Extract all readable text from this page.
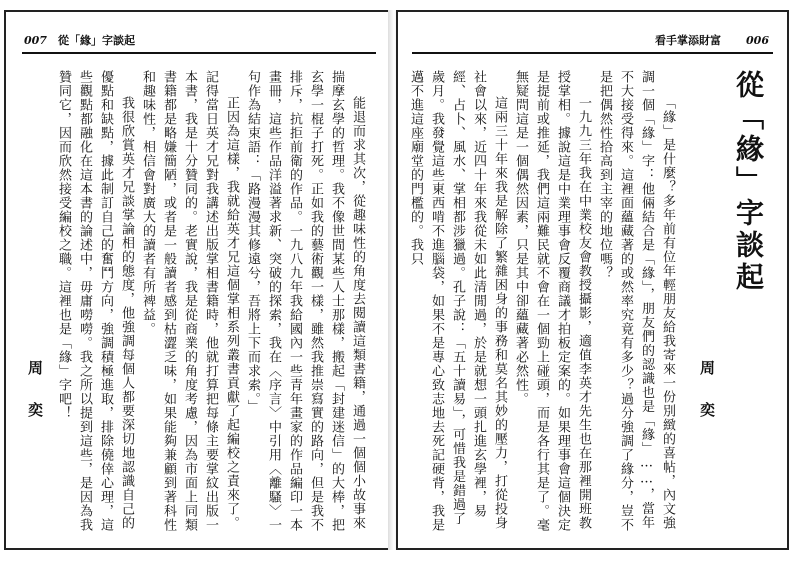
007 從「緣」字談起

能退而求其次，從趣味性的角度去閱讀這類書籍，通過一個個小故事來揣摩玄學的哲理。我不像世間某些人士那樣，搬起「封建迷信」的大棒，把玄學一棍子打死。正如我的藝術觀一樣，雖然我推崇寫實的路向，但是我不排斥，抗拒前衛的作品。一九八九年我給國內一些青年畫家的作品編印一本畫冊，這些作品洋溢著求新、突破的探索，我在〈序言〉中引用〈離騷〉一句作為結束語：「路漫漫其修遠兮，吾將上下而求索。」

正因為這樣，我就給英才兄這個掌相系列叢書貢獻了起編校之責來了。記得當日英才兄對我講述出版掌相書籍時，他就打算把每條主要掌紋出版一本書，我是十分贊同的。老實說，我是從商業的角度考慮，因為市面上同類書籍都是略嫌簡陋，或者是一般讀者感到枯澀乏味，如果能夠兼顧到著科性和趣味性，相信會對廣大的讀者有所裨益。

我很欣賞英才兄談掌論相的態度，他強調每個人都要深切地認識自己的優點和缺點，據此制訂自己的奮鬥方向，強調積極進取，排除僥倖心理，這些觀點都融化在這本書的論述中，毋庸嘮嘮。我之所以提到這些，是因為我贊同它，因而欣然接受編校之職。這裡也是「緣」字吧！

周　奕
看手掌添財富 006
從「緣」字談起
周　奕

「緣」是什麼？多年前有位年輕朋友給我寄來一份別緻的喜帖，內文強調一個「緣」字：他倆結合是「緣」，朋友們的認識也是「緣」……，當年不大接受得來。這裡面蘊藏著的或然率究竟有多少？過分強調了緣分，豈不是把偶然性拾高到主宰的地位嗎？

一九九三年我在中業校友會教授攝影，適值李英才先生也在那裡開班教授掌相。據說這是中業理事會反覆商議才拍板定案的。如果理事會這個決定是提前或推延，我們這兩難民就不會在一個勁上碰頭，而是各行其是了。毫無疑問這是一個偶然因素，只是其中卻蘊藏著必然性。

這兩三十年來我是解除了繁雜困身的事務和莫名其妙的壓力，打從投身社會以來，近四十年來我從未如此清閒過，於是就想一頭扎進玄學裡，易經、占卜、風水、掌相都涉獵過。孔子說：「五十讀易」，可惜我是錯過了歲月。我發覺這些東西啃不進腦袋，如果不是專心致志地去死記硬背，我是邁不進這座廟堂的門檻的。我只
